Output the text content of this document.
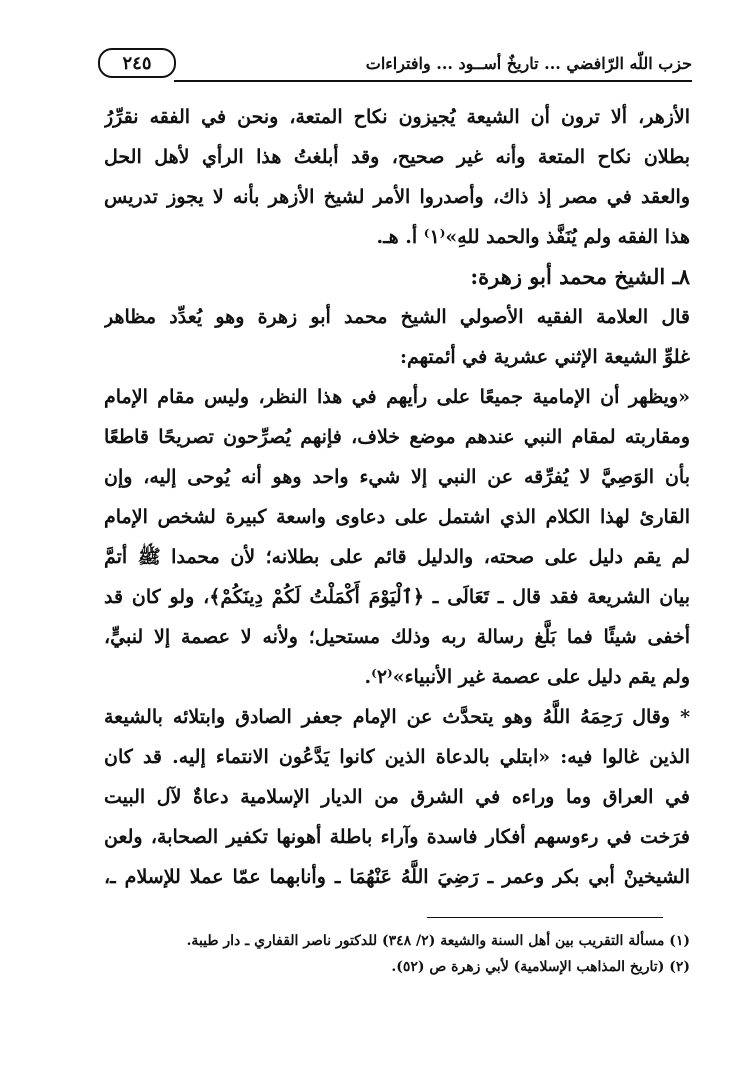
٢٤٥	حزب اللّه الرّافضي ... تاريخٌ أســود ... وافتراءات
الأزهر، ألا ترون أن الشيعة يُجيزون نكاح المتعة، ونحن في الفقه نقرِّرُ
بطلان نكاح المتعة وأنه غير صحيح، وقد أبلغتُ هذا الرأي لأهل الحل
والعقد في مصر إذ ذاك، وأصدروا الأمر لشيخ الأزهر بأنه لا يجوز تدريس
هذا الفقه ولم يُنَفَّذ والحمد للهِ»⁽١⁾ أ. هـ.
٨ـ الشيخ محمد أبو زهرة:
قال العلامة الفقيه الأصولي الشيخ محمد أبو زهرة وهو يُعدِّد مظاهر
غلوِّ الشيعة الإثني عشرية في أئمتهم:
«ويظهر أن الإمامية جميعًا على رأيهم في هذا النظر، وليس مقام الإمام
ومقاربته لمقام النبي عندهم موضع خلاف، فإنهم يُصرِّحون تصريحًا قاطعًا
بأن الوَصِيَّ لا يُفرِّقه عن النبي إلا شيء واحد وهو أنه يُوحى إليه، وإن
القارئ لهذا الكلام الذي اشتمل على دعاوى واسعة كبيرة لشخص الإمام
لم يقم دليل على صحته، والدليل قائم على بطلانه؛ لأن محمدا ﷺ أتمَّ
بيان الشريعة فقد قال ـ تَعَالَى ـ ﴿ٱلْيَوْمَ أَكْمَلْتُ لَكُمْ دِينَكُمْ﴾، ولو كان قد
أخفى شيئًا فما بَلَّغ رسالة ربه وذلك مستحيل؛ ولأنه لا عصمة إلا لنبيٍّ،
ولم يقم دليل على عصمة غير الأنبياء»⁽٢⁾.
* وقال رَحِمَهُ اللَّهُ وهو يتحدَّث عن الإمام جعفر الصادق وابتلائه بالشيعة
الذين غالوا فيه: «ابتلي بالدعاة الذين كانوا يَدَّعُون الانتماء إليه. قد كان
في العراق وما وراءه في الشرق من الديار الإسلامية دعاةٌ لآل البيت
فرَخت في رءوسهم أفكار فاسدة وآراء باطلة أهونها تكفير الصحابة، ولعن
الشيخينْ أبي بكر وعمر ـ رَضِيَ اللَّهُ عَنْهُمَا ـ وأنابهما عمّا عملا للإسلام ـ،
(١) مسألة التقريب بين أهل السنة والشيعة (٢/ ٣٤٨) للدكتور ناصر القفاري ـ دار طيبة.
(٢) (تاريخ المذاهب الإسلامية) لأبي زهرة ص (٥٢).
